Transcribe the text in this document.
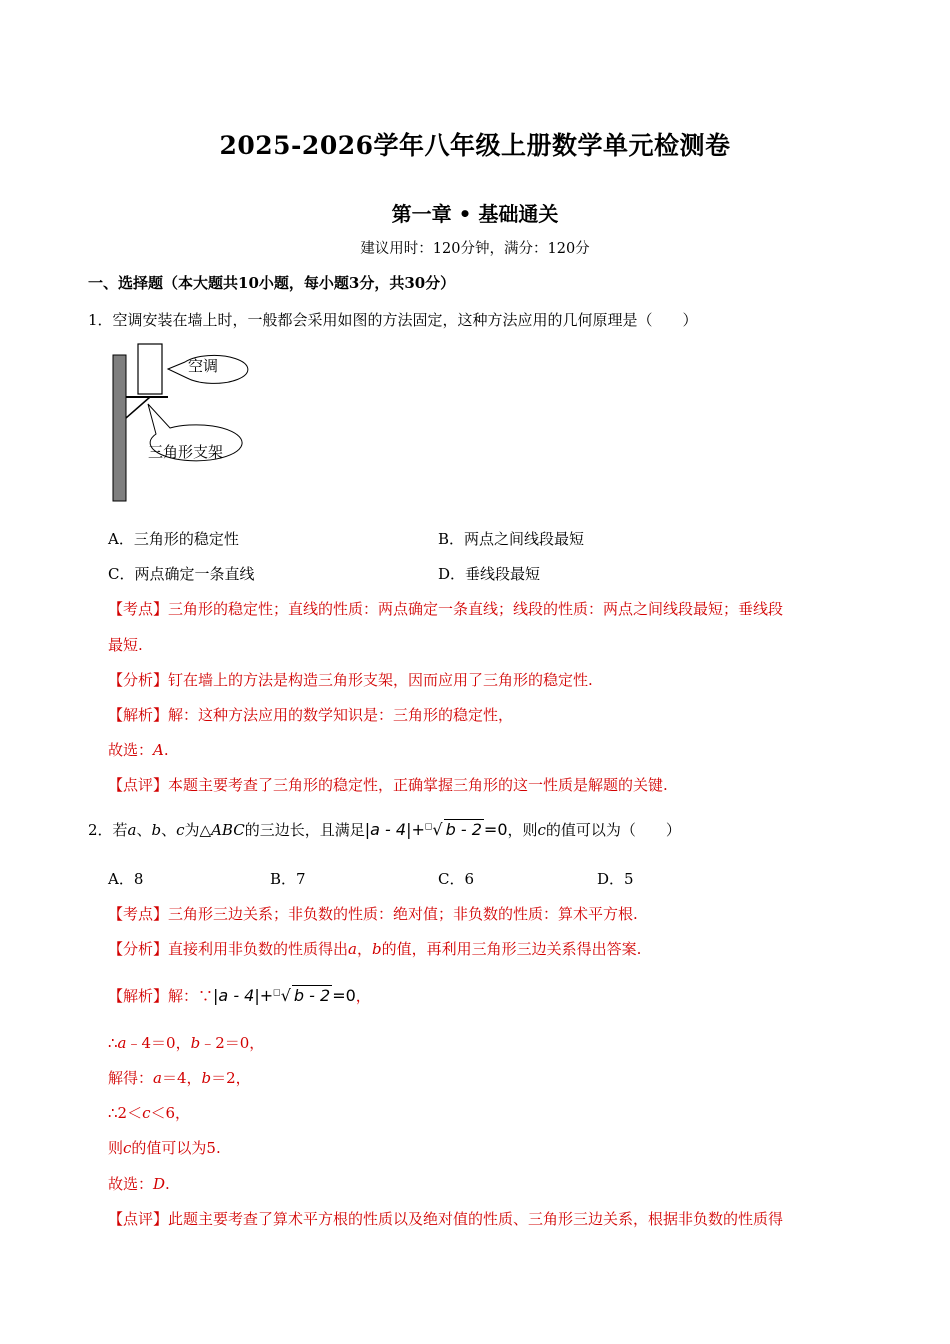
2025-2026学年八年级上册数学单元检测卷
第一章 • 基础通关
建议用时：120分钟，满分：120分
一、选择题（本大题共10小题，每小题3分，共30分）
1．空调安装在墙上时，一般都会采用如图的方法固定，这种方法应用的几何原理是（　　）
空调
三角形支架
A．三角形的稳定性	B．两点之间线段最短
C．两点确定一条直线	D．垂线段最短
【考点】三角形的稳定性；直线的性质：两点确定一条直线；线段的性质：两点之间线段最短；垂线段
最短.
【分析】钉在墙上的方法是构造三角形支架，因而应用了三角形的稳定性.
【解析】解：这种方法应用的数学知识是：三角形的稳定性，
故选：A.
【点评】本题主要考查了三角形的稳定性，正确掌握三角形的这一性质是解题的关键.
2．若a、b、c为△ABC的三边长，且满足|a - 4|+□√ b - 2 =0，则c的值可以为（　　）
A．8	B．7	C．6	D．5
【考点】三角形三边关系；非负数的性质：绝对值；非负数的性质：算术平方根.
【分析】直接利用非负数的性质得出a，b的值，再利用三角形三边关系得出答案.
【解析】解：∵|a - 4|+□√ b - 2 =0，
∴a﹣4＝0，b﹣2＝0，
解得：a＝4，b＝2，
∴2＜c＜6，
则c的值可以为5.
故选：D.
【点评】此题主要考查了算术平方根的性质以及绝对值的性质、三角形三边关系，根据非负数的性质得
